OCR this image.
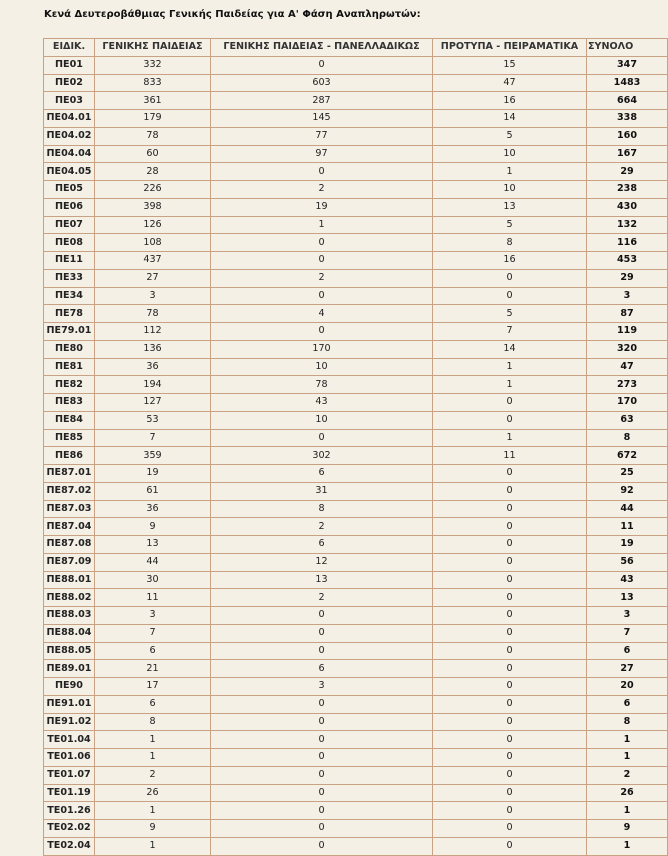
Κενά Δευτεροβάθμιας Γενικής Παιδείας για Α' Φάση Αναπληρωτών:
ΕΙΔΙΚ.	ΓΕΝΙΚΗΣ ΠΑΙΔΕΙΑΣ	ΓΕΝΙΚΗΣ ΠΑΙΔΕΙΑΣ - ΠΑΝΕΛΛΑΔΙΚΩΣ	ΠΡΟΤΥΠΑ - ΠΕΙΡΑΜΑΤΙΚΑ	ΣΥΝΟΛΟ
ΠΕ01	332	0	15	347
ΠΕ02	833	603	47	1483
ΠΕ03	361	287	16	664
ΠΕ04.01	179	145	14	338
ΠΕ04.02	78	77	5	160
ΠΕ04.04	60	97	10	167
ΠΕ04.05	28	0	1	29
ΠΕ05	226	2	10	238
ΠΕ06	398	19	13	430
ΠΕ07	126	1	5	132
ΠΕ08	108	0	8	116
ΠΕ11	437	0	16	453
ΠΕ33	27	2	0	29
ΠΕ34	3	0	0	3
ΠΕ78	78	4	5	87
ΠΕ79.01	112	0	7	119
ΠΕ80	136	170	14	320
ΠΕ81	36	10	1	47
ΠΕ82	194	78	1	273
ΠΕ83	127	43	0	170
ΠΕ84	53	10	0	63
ΠΕ85	7	0	1	8
ΠΕ86	359	302	11	672
ΠΕ87.01	19	6	0	25
ΠΕ87.02	61	31	0	92
ΠΕ87.03	36	8	0	44
ΠΕ87.04	9	2	0	11
ΠΕ87.08	13	6	0	19
ΠΕ87.09	44	12	0	56
ΠΕ88.01	30	13	0	43
ΠΕ88.02	11	2	0	13
ΠΕ88.03	3	0	0	3
ΠΕ88.04	7	0	0	7
ΠΕ88.05	6	0	0	6
ΠΕ89.01	21	6	0	27
ΠΕ90	17	3	0	20
ΠΕ91.01	6	0	0	6
ΠΕ91.02	8	0	0	8
ΤΕ01.04	1	0	0	1
ΤΕ01.06	1	0	0	1
ΤΕ01.07	2	0	0	2
ΤΕ01.19	26	0	0	26
ΤΕ01.26	1	0	0	1
ΤΕ02.02	9	0	0	9
ΤΕ02.04	1	0	0	1
